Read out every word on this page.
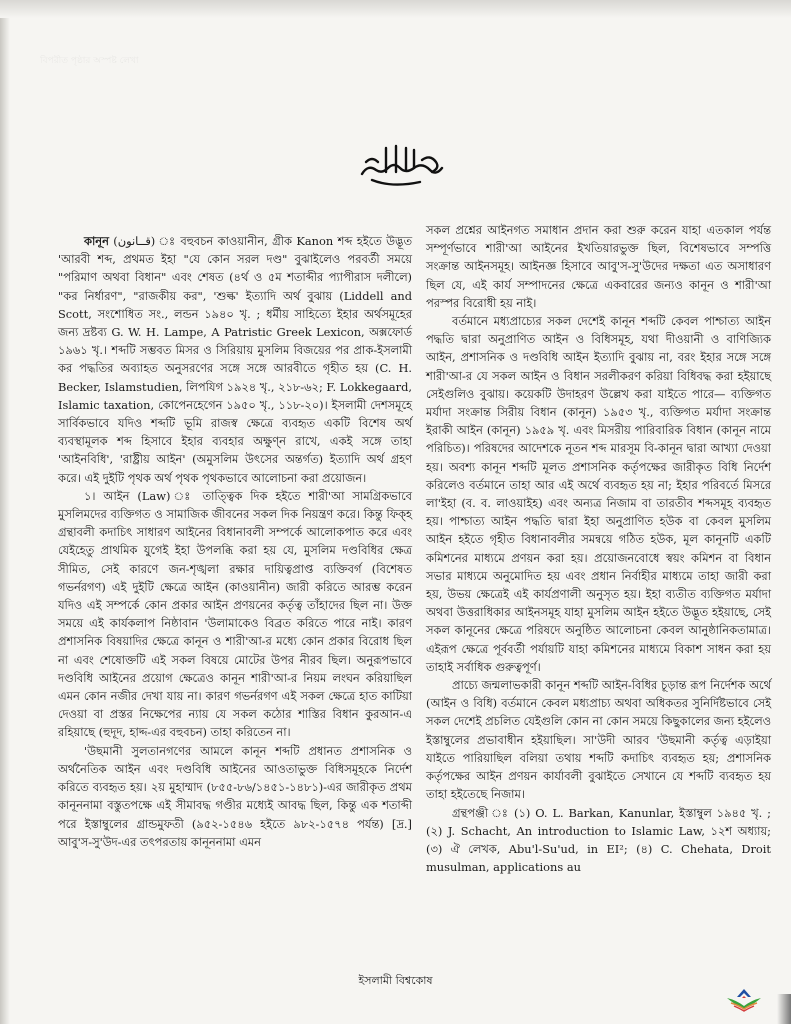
বিপরীত পৃষ্ঠার অস্পষ্ট লেখা

কানূন (قــانون) ঃ বহুবচন কাওয়ানীন, গ্রীক Kanon শব্দ হইতে উদ্ভূত 'আরবী শব্দ, প্রথমত ইহা "যে কোন সরল দণ্ড" বুঝাইলেও পরবর্তী সময়ে "পরিমাণ অথবা বিধান" এবং শেষত (৪র্থ ও ৫ম শতাব্দীর প্যাপীরাস দলীলে) "কর নির্ধারণ", "রাজকীয় কর", 'শুল্ক' ইত্যাদি অর্থ বুঝায় (Liddell and Scott, সংশোধিত সং., লন্ডন ১৯৪০ খৃ. ; ধর্মীয় সাহিত্যে ইহার অর্থসমূহের জন্য দ্রষ্টব্য G. W. H. Lampe, A Patristic Greek Lexicon, অক্সফোর্ড ১৯৬১ খৃ.। শব্দটি সম্ভবত মিসর ও সিরিয়ায় মুসলিম বিজয়ের পর প্রাক-ইসলামী কর পদ্ধতির অব্যাহত অনুসরণের সঙ্গে সঙ্গে আরবীতে গৃহীত হয় (C. H. Becker, Islamstudien, লিপযিগ ১৯২৪ খৃ., ২১৮-৬২; F. Lokkegaard, Islamic taxation, কোপেনহেগেন ১৯৫০ খৃ., ১১৮-২০)। ইসলামী দেশসমূহে সার্বিকভাবে যদিও শব্দটি ভূমি রাজস্ব ক্ষেত্রে ব্যবহৃত একটি বিশেষ অর্থ ব্যবস্থামূলক শব্দ হিসাবে ইহার ব্যবহার অক্ষুণ্ন রাখে, একই সঙ্গে তাহা 'আইনবিধি', 'রাষ্ট্রীয় আইন' (অমুসলিম উৎসের অন্তর্গত) ইত্যাদি অর্থ গ্রহণ করে। এই দুইটি পৃথক অর্থ পৃথক পৃথকভাবে আলোচনা করা প্রয়োজন।

১। আইন (Law) ঃ তাত্ত্বিক দিক হইতে শারী'আ সামগ্রিকভাবে মুসলিমদের ব্যক্তিগত ও সামাজিক জীবনের সকল দিক নিয়ন্ত্রণ করে। কিন্তু ফিক্হ গ্রন্থাবলী কদাচিৎ সাধারণ আইনের বিধানাবলী সম্পর্কে আলোকপাত করে এবং যেইহেতু প্রাথমিক যুগেই ইহা উপলব্ধি করা হয় যে, মুসলিম দণ্ডবিধির ক্ষেত্র সীমিত, সেই কারণে জন-শৃঙ্খলা রক্ষার দায়িত্বপ্রাপ্ত ব্যক্তিবর্গ (বিশেষত গভর্নরগণ) এই দুইটি ক্ষেত্রে আইন (কাওয়ানীন) জারী করিতে আরম্ভ করেন যদিও এই সম্পর্কে কোন প্রকার আইন প্রণয়নের কর্তৃত্ব তাঁহাদের ছিল না। উক্ত সময়ে এই কার্যকলাপ নিষ্ঠাবান 'উলামাকেও বিব্রত করিতে পারে নাই। কারণ প্রশাসনিক বিষয়াদির ক্ষেত্রে কানূন ও শারী'আ-র মধ্যে কোন প্রকার বিরোধ ছিল না এবং শেষোক্তটি এই সকল বিষয়ে মোটের উপর নীরব ছিল। অনুরূপভাবে দণ্ডবিধি আইনের প্রয়োগ ক্ষেত্রেও কানূন শারী'আ-র নিয়ম লংঘন করিয়াছিল এমন কোন নজীর দেখা যায় না। কারণ গভর্নরগণ এই সকল ক্ষেত্রে হাত কাটিয়া দেওয়া বা প্রস্তর নিক্ষেপের ন্যায় যে সকল কঠোর শাস্তির বিধান কুরআন-এ রহিয়াছে (হুদূদ, হাদ্দ-এর বহুবচন) তাহা করিতেন না।

'উছমানী সুলতানগণের আমলে কানূন শব্দটি প্রধানত প্রশাসনিক ও অর্থনৈতিক আইন এবং দণ্ডবিধি আইনের আওতাভুক্ত বিধিসমূহকে নির্দেশ করিতে ব্যবহৃত হয়। ২য় মুহাম্মাদ (৮৫৫-৮৬/১৪৫১-১৪৮১)-এর জারীকৃত প্রথম কানূননামা বস্তুতপক্ষে এই সীমাবদ্ধ গণ্ডীর মধ্যেই আবদ্ধ ছিল, কিন্তু এক শতাব্দী পরে ইস্তাম্বুলের গ্রান্ডমুফতী (৯৫২-১৫৪৬ হইতে ৯৮২-১৫৭৪ পর্যন্ত) [দ্র.] আবু'স-সু'উদ-এর তৎপরতায় কানূননামা এমন

সকল প্রশ্নের আইনগত সমাধান প্রদান করা শুরু করেন যাহা এতকাল পর্যন্ত সম্পূর্ণভাবে শারী'আ আইনের ইখতিয়ারভুক্ত ছিল, বিশেষভাবে সম্পত্তি সংক্রান্ত আইনসমূহ। আইনজ্ঞ হিসাবে আবু'স-সু'উদের দক্ষতা এত অসাধারণ ছিল যে, এই কার্য সম্পাদনের ক্ষেত্রে একবারের জন্যও কানূন ও শারী'আ পরস্পর বিরোধী হয় নাই।

বর্তমানে মধ্যপ্রাচ্যের সকল দেশেই কানূন শব্দটি কেবল পাশ্চাত্য আইন পদ্ধতি দ্বারা অনুপ্রাণিত আইন ও বিধিসমূহ, যথা দীওয়ানী ও বাণিজ্যিক আইন, প্রশাসনিক ও দণ্ডবিধি আইন ইত্যাদি বুঝায় না, বরং ইহার সঙ্গে সঙ্গে শারী'আ-র যে সকল আইন ও বিধান সরলীকরণ করিয়া বিধিবদ্ধ করা হইয়াছে সেইগুলিও বুঝায়। কয়েকটি উদাহরণ উল্লেখ করা যাইতে পারে— ব্যক্তিগত মর্যাদা সংক্রান্ত সিরীয় বিধান (কানূন) ১৯৫৩ খৃ., ব্যক্তিগত মর্যাদা সংক্রান্ত ইরাকী আইন (কানূন) ১৯৫৯ খৃ. এবং মিসরীয় পারিবারিক বিধান (কানূন নামে পরিচিত)। পরিষদের আদেশকে নূতন শব্দ মারসূম বি-কানূন দ্বারা আখ্যা দেওয়া হয়। অবশ্য কানূন শব্দটি মূলত প্রশাসনিক কর্তৃপক্ষের জারীকৃত বিধি নির্দেশ করিলেও বর্তমানে তাহা আর এই অর্থে ব্যবহৃত হয় না; ইহার পরিবর্তে মিসরে লা'ইহা (ব. ব. লাওয়াইহ) এবং অন্যত্র নিজাম বা তারতীব শব্দসমূহ ব্যবহৃত হয়। পাশ্চাত্য আইন পদ্ধতি দ্বারা ইহা অনুপ্রাণিত হউক বা কেবল মুসলিম আইন হইতে গৃহীত বিধানাবলীর সমন্বয়ে গঠিত হউক, মূল কানূনটি একটি কমিশনের মাধ্যমে প্রণয়ন করা হয়। প্রয়োজনবোধে স্বয়ং কমিশন বা বিধান সভার মাধ্যমে অনুমোদিত হয় এবং প্রধান নির্বাহীর মাধ্যমে তাহা জারী করা হয়, উভয় ক্ষেত্রেই এই কার্যপ্রণালী অনুসৃত হয়। ইহা ব্যতীত ব্যক্তিগত মর্যাদা অথবা উত্তরাধিকার আইনসমূহ যাহা মুসলিম আইন হইতে উদ্ভূত হইয়াছে, সেই সকল কানূনের ক্ষেত্রে পরিষদে অনুষ্ঠিত আলোচনা কেবল আনুষ্ঠানিকতামাত্র। এইরূপ ক্ষেত্রে পূর্ববর্তী পর্যায়টি যাহা কমিশনের মাধ্যমে বিকাশ সাধন করা হয় তাহাই সর্বাধিক গুরুত্বপূর্ণ।

প্রাচ্যে জন্মলাভকারী কানূন শব্দটি আইন-বিধির চূড়ান্ত রূপ নির্দেশক অর্থে (আইন ও বিধি) বর্তমানে কেবল মধ্যপ্রাচ্য অথবা অধিকতর সুনির্দিষ্টভাবে সেই সকল দেশেই প্রচলিত যেইগুলি কোন না কোন সময়ে কিছুকালের জন্য হইলেও ইস্তাম্বুলের প্রভাবাধীন হইয়াছিল। সা'উদী আরব 'উছমানী কর্তৃত্ব এড়াইয়া যাইতে পারিয়াছিল বলিয়া তথায় শব্দটি কদাচিৎ ব্যবহৃত হয়; প্রশাসনিক কর্তৃপক্ষের আইন প্রণয়ন কার্যাবলী বুঝাইতে সেখানে যে শব্দটি ব্যবহৃত হয় তাহা হইতেছে নিজাম।

গ্রন্থপঞ্জী ঃ (১) O. L. Barkan, Kanunlar, ইস্তাম্বুল ১৯৪৫ খৃ. ; (২) J. Schacht, An introduction to Islamic Law, ১২শ অধ্যায়; (৩) ঐ লেখক, Abu'l-Su'ud, in EI²; (৪) C. Chehata, Droit musulman, applications au

ইসলামী বিশ্বকোষ
